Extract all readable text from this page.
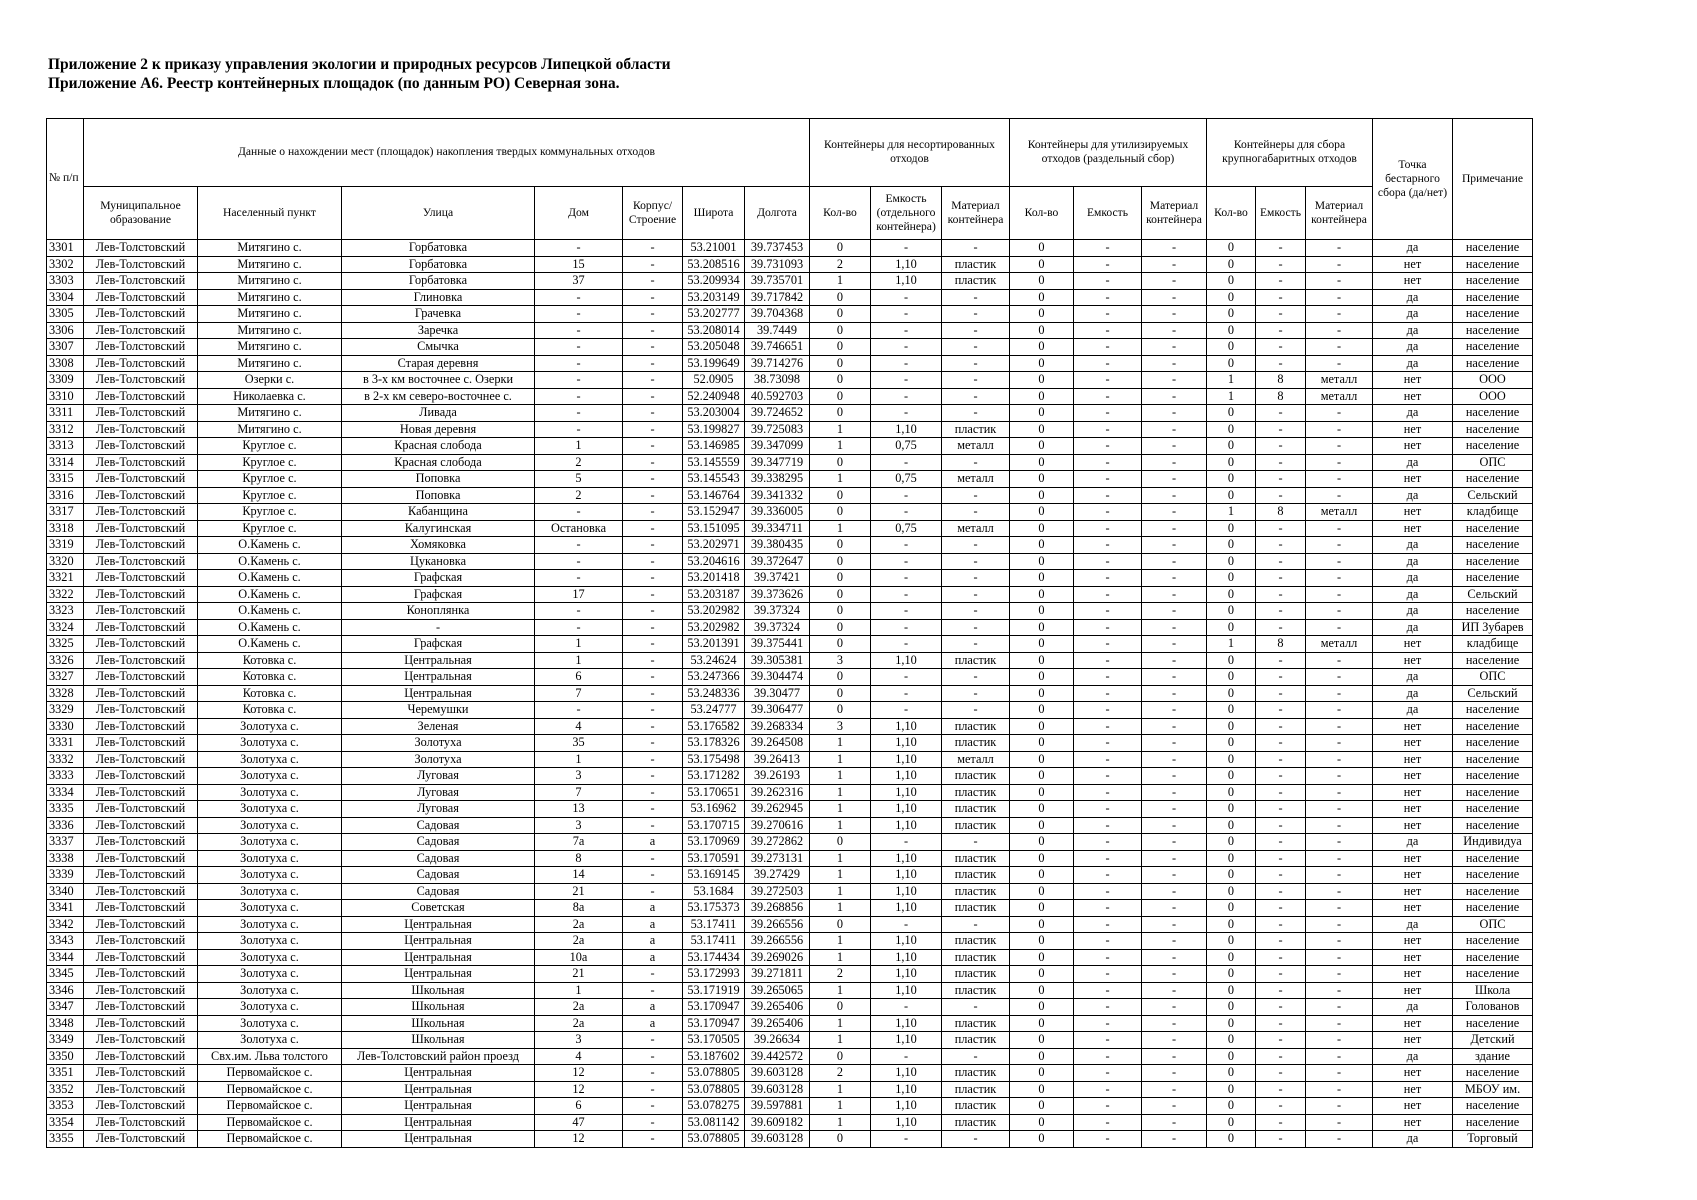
Приложение 2 к приказу управления экологии и природных ресурсов Липецкой области
Приложение А6. Реестр контейнерных площадок (по данным РО) Северная зона.
№ п/п	Данные о нахождении мест (площадок) накопления твердых коммунальных отходов							Контейнеры для несортированных отходов			Контейнеры для утилизируемых отходов (раздельный сбор)			Контейнеры для сбора крупногабаритных отходов			Точка бестарного сбора (да/нет)	Примечание
	Муниципальное образование	Населенный пункт	Улица	Дом	Корпус/ Строение	Широта	Долгота	Кол-во	Емкость (отдельного контейнера)	Материал контейнера	Кол-во	Емкость	Материал контейнера	Кол-во	Емкость	Материал контейнера		
3301	Лев-Толстовский	Митягино с.	Горбатовка	-	-	53.21001	39.737453	0	-	-	0	-	-	0	-	-	да	население
3302	Лев-Толстовский	Митягино с.	Горбатовка	15	-	53.208516	39.731093	2	1,10	пластик	0	-	-	0	-	-	нет	население
3303	Лев-Толстовский	Митягино с.	Горбатовка	37	-	53.209934	39.735701	1	1,10	пластик	0	-	-	0	-	-	нет	население
3304	Лев-Толстовский	Митягино с.	Глиновка	-	-	53.203149	39.717842	0	-	-	0	-	-	0	-	-	да	население
3305	Лев-Толстовский	Митягино с.	Грачевка	-	-	53.202777	39.704368	0	-	-	0	-	-	0	-	-	да	население
3306	Лев-Толстовский	Митягино с.	Заречка	-	-	53.208014	39.7449	0	-	-	0	-	-	0	-	-	да	население
3307	Лев-Толстовский	Митягино с.	Смычка	-	-	53.205048	39.746651	0	-	-	0	-	-	0	-	-	да	население
3308	Лев-Толстовский	Митягино с.	Старая деревня	-	-	53.199649	39.714276	0	-	-	0	-	-	0	-	-	да	население
3309	Лев-Толстовский	Озерки с.	в 3-х км восточнее с. Озерки	-	-	52.0905	38.73098	0	-	-	0	-	-	1	8	металл	нет	ООО
3310	Лев-Толстовский	Николаевка с.	в 2-х км северо-восточнее с.	-	-	52.240948	40.592703	0	-	-	0	-	-	1	8	металл	нет	ООО
3311	Лев-Толстовский	Митягино с.	Ливада	-	-	53.203004	39.724652	0	-	-	0	-	-	0	-	-	да	население
3312	Лев-Толстовский	Митягино с.	Новая деревня	-	-	53.199827	39.725083	1	1,10	пластик	0	-	-	0	-	-	нет	население
3313	Лев-Толстовский	Круглое с.	Красная слобода	1	-	53.146985	39.347099	1	0,75	металл	0	-	-	0	-	-	нет	население
3314	Лев-Толстовский	Круглое с.	Красная слобода	2	-	53.145559	39.347719	0	-	-	0	-	-	0	-	-	да	ОПС
3315	Лев-Толстовский	Круглое с.	Поповка	5	-	53.145543	39.338295	1	0,75	металл	0	-	-	0	-	-	нет	население
3316	Лев-Толстовский	Круглое с.	Поповка	2	-	53.146764	39.341332	0	-	-	0	-	-	0	-	-	да	Сельский
3317	Лев-Толстовский	Круглое с.	Кабанщина	-	-	53.152947	39.336005	0	-	-	0	-	-	1	8	металл	нет	кладбище
3318	Лев-Толстовский	Круглое с.	Калугинская	Остановка	-	53.151095	39.334711	1	0,75	металл	0	-	-	0	-	-	нет	население
3319	Лев-Толстовский	О.Камень с.	Хомяковка	-	-	53.202971	39.380435	0	-	-	0	-	-	0	-	-	да	население
3320	Лев-Толстовский	О.Камень с.	Цукановка	-	-	53.204616	39.372647	0	-	-	0	-	-	0	-	-	да	население
3321	Лев-Толстовский	О.Камень с.	Графская	-	-	53.201418	39.37421	0	-	-	0	-	-	0	-	-	да	население
3322	Лев-Толстовский	О.Камень с.	Графская	17	-	53.203187	39.373626	0	-	-	0	-	-	0	-	-	да	Сельский
3323	Лев-Толстовский	О.Камень с.	Коноплянка	-	-	53.202982	39.37324	0	-	-	0	-	-	0	-	-	да	население
3324	Лев-Толстовский	О.Камень с.	-	-	-	53.202982	39.37324	0	-	-	0	-	-	0	-	-	да	ИП Зубарев
3325	Лев-Толстовский	О.Камень с.	Графская	1	-	53.201391	39.375441	0	-	-	0	-	-	1	8	металл	нет	кладбище
3326	Лев-Толстовский	Котовка с.	Центральная	1	-	53.24624	39.305381	3	1,10	пластик	0	-	-	0	-	-	нет	население
3327	Лев-Толстовский	Котовка с.	Центральная	6	-	53.247366	39.304474	0	-	-	0	-	-	0	-	-	да	ОПС
3328	Лев-Толстовский	Котовка с.	Центральная	7	-	53.248336	39.30477	0	-	-	0	-	-	0	-	-	да	Сельский
3329	Лев-Толстовский	Котовка с.	Черемушки	-	-	53.24777	39.306477	0	-	-	0	-	-	0	-	-	да	население
3330	Лев-Толстовский	Золотуха с.	Зеленая	4	-	53.176582	39.268334	3	1,10	пластик	0	-	-	0	-	-	нет	население
3331	Лев-Толстовский	Золотуха с.	Золотуха	35	-	53.178326	39.264508	1	1,10	пластик	0	-	-	0	-	-	нет	население
3332	Лев-Толстовский	Золотуха с.	Золотуха	1	-	53.175498	39.26413	1	1,10	металл	0	-	-	0	-	-	нет	население
3333	Лев-Толстовский	Золотуха с.	Луговая	3	-	53.171282	39.26193	1	1,10	пластик	0	-	-	0	-	-	нет	население
3334	Лев-Толстовский	Золотуха с.	Луговая	7	-	53.170651	39.262316	1	1,10	пластик	0	-	-	0	-	-	нет	население
3335	Лев-Толстовский	Золотуха с.	Луговая	13	-	53.16962	39.262945	1	1,10	пластик	0	-	-	0	-	-	нет	население
3336	Лев-Толстовский	Золотуха с.	Садовая	3	-	53.170715	39.270616	1	1,10	пластик	0	-	-	0	-	-	нет	население
3337	Лев-Толстовский	Золотуха с.	Садовая	7а	а	53.170969	39.272862	0	-	-	0	-	-	0	-	-	да	Индивидуа
3338	Лев-Толстовский	Золотуха с.	Садовая	8	-	53.170591	39.273131	1	1,10	пластик	0	-	-	0	-	-	нет	население
3339	Лев-Толстовский	Золотуха с.	Садовая	14	-	53.169145	39.27429	1	1,10	пластик	0	-	-	0	-	-	нет	население
3340	Лев-Толстовский	Золотуха с.	Садовая	21	-	53.1684	39.272503	1	1,10	пластик	0	-	-	0	-	-	нет	население
3341	Лев-Толстовский	Золотуха с.	Советская	8а	а	53.175373	39.268856	1	1,10	пластик	0	-	-	0	-	-	нет	население
3342	Лев-Толстовский	Золотуха с.	Центральная	2а	а	53.17411	39.266556	0	-	-	0	-	-	0	-	-	да	ОПС
3343	Лев-Толстовский	Золотуха с.	Центральная	2а	а	53.17411	39.266556	1	1,10	пластик	0	-	-	0	-	-	нет	население
3344	Лев-Толстовский	Золотуха с.	Центральная	10а	а	53.174434	39.269026	1	1,10	пластик	0	-	-	0	-	-	нет	население
3345	Лев-Толстовский	Золотуха с.	Центральная	21	-	53.172993	39.271811	2	1,10	пластик	0	-	-	0	-	-	нет	население
3346	Лев-Толстовский	Золотуха с.	Школьная	1	-	53.171919	39.265065	1	1,10	пластик	0	-	-	0	-	-	нет	Школа
3347	Лев-Толстовский	Золотуха с.	Школьная	2а	а	53.170947	39.265406	0	-	-	0	-	-	0	-	-	да	Голованов
3348	Лев-Толстовский	Золотуха с.	Школьная	2а	а	53.170947	39.265406	1	1,10	пластик	0	-	-	0	-	-	нет	население
3349	Лев-Толстовский	Золотуха с.	Школьная	3	-	53.170505	39.26634	1	1,10	пластик	0	-	-	0	-	-	нет	Детский
3350	Лев-Толстовский	Свх.им. Льва толстого	Лев-Толстовский район проезд	4	-	53.187602	39.442572	0	-	-	0	-	-	0	-	-	да	здание
3351	Лев-Толстовский	Первомайское с.	Центральная	12	-	53.078805	39.603128	2	1,10	пластик	0	-	-	0	-	-	нет	население
3352	Лев-Толстовский	Первомайское с.	Центральная	12	-	53.078805	39.603128	1	1,10	пластик	0	-	-	0	-	-	нет	МБОУ им.
3353	Лев-Толстовский	Первомайское с.	Центральная	6	-	53.078275	39.597881	1	1,10	пластик	0	-	-	0	-	-	нет	население
3354	Лев-Толстовский	Первомайское с.	Центральная	47	-	53.081142	39.609182	1	1,10	пластик	0	-	-	0	-	-	нет	население
3355	Лев-Толстовский	Первомайское с.	Центральная	12	-	53.078805	39.603128	0	-	-	0	-	-	0	-	-	да	Торговый
